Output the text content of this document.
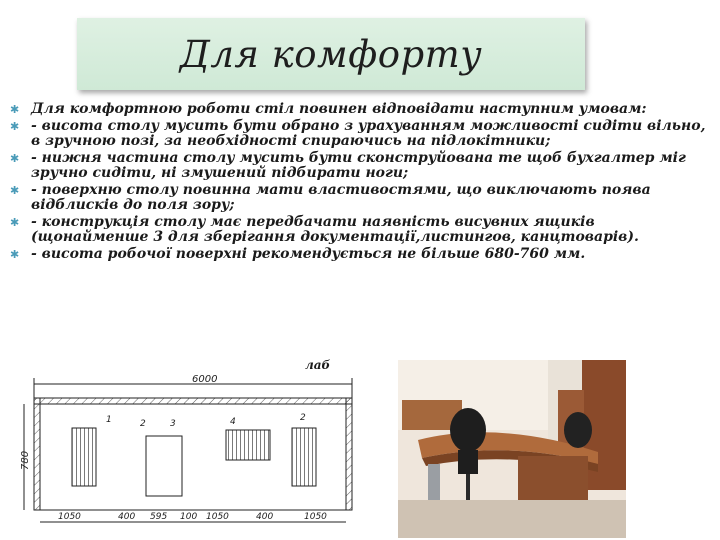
Для комфорту
✱ Для комфортною роботи стіл повинен відповідати наступним умовам:
✱ - висота столу мусить бути обрано з урахуванням можливості сидіти вільно, в зручною позі, за необхідності спираючись на підлокітники;
✱ - нижня частина столу мусить бути сконструйована те щоб бухгалтер міг зручно сидіти, ні змушений підбирати ноги;
✱ - поверхню столу повинна мати властивостями, що виключають поява відблисків до поля зору;
✱ - конструкція столу має передбачати наявність висувних ящиків (щонайменше 3 для зберігання документації,листингов, канцтоварів).
✱ - висота робочої поверхні рекомендується не більше 680-760 мм.
6000
780
1	2	3	4	2
1050	400 595 100 1050	400	1050
лаб
